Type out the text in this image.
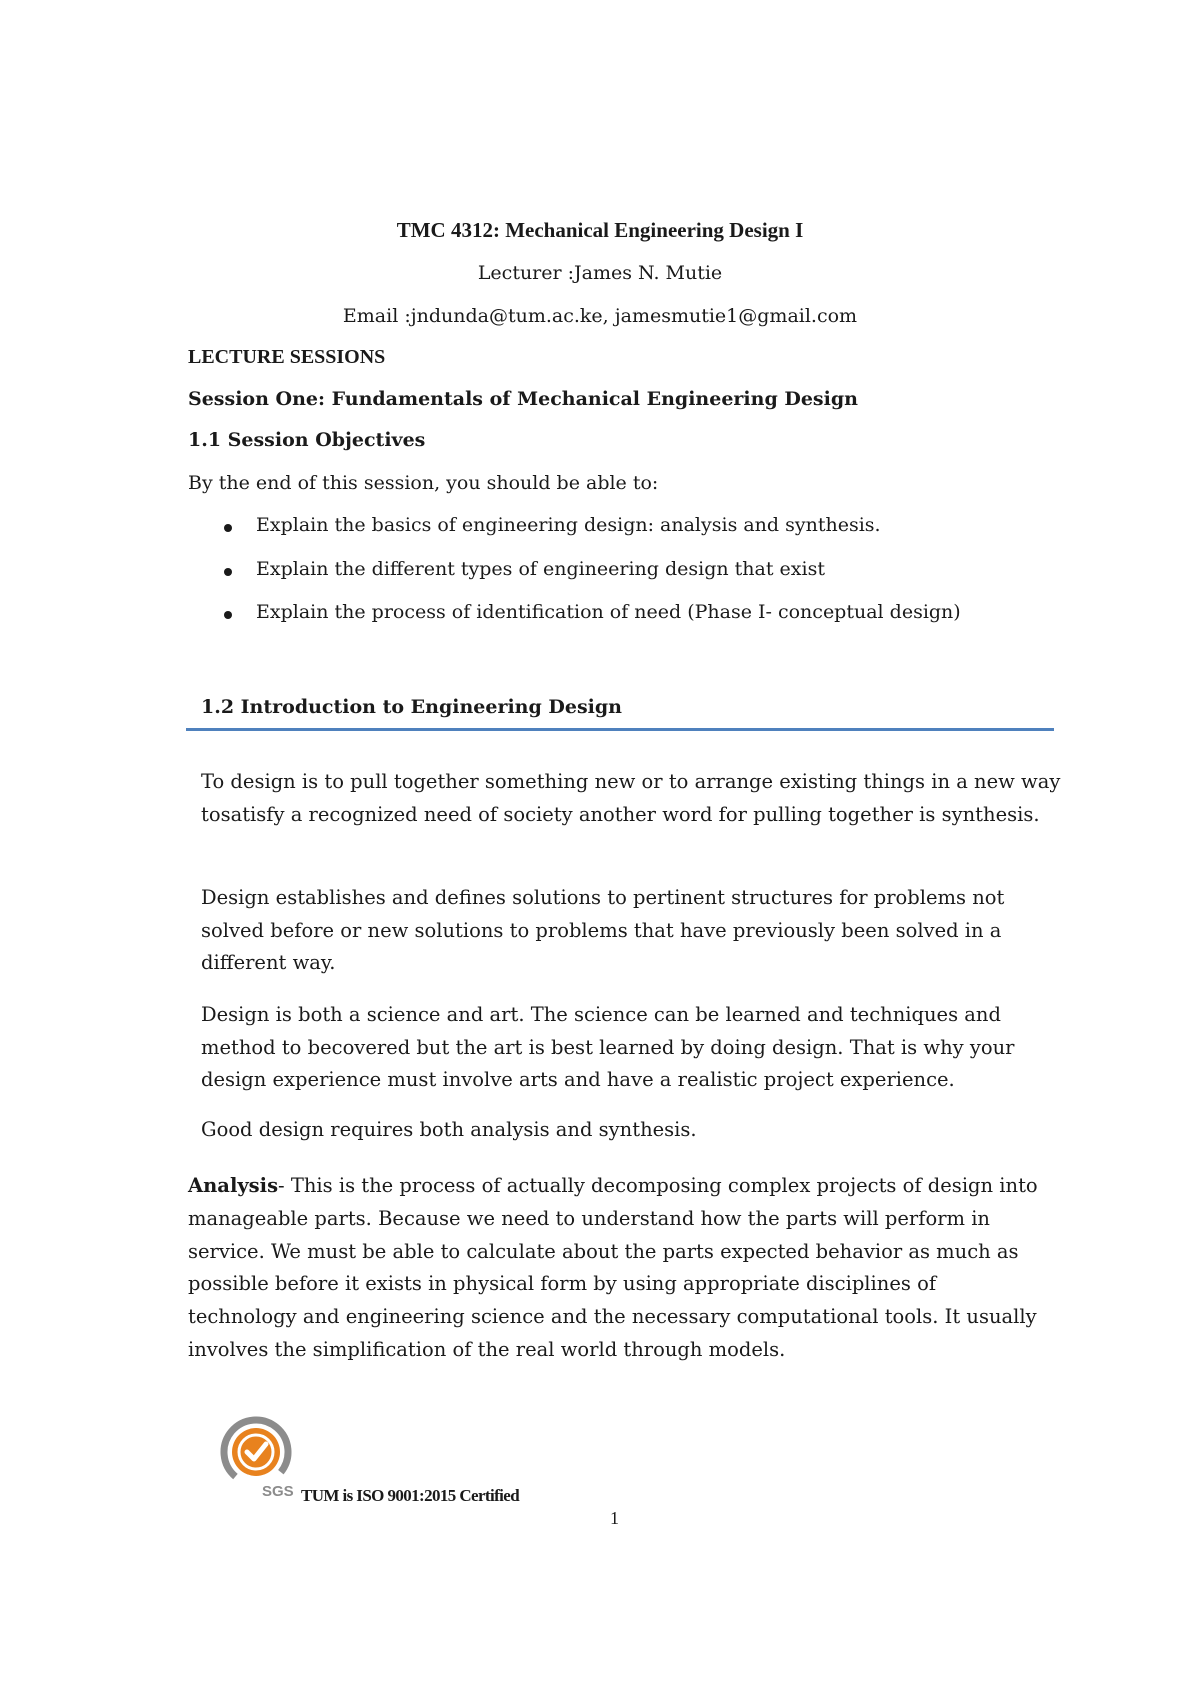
TMC 4312: Mechanical Engineering Design I
Lecturer :James N. Mutie
Email :jndunda@tum.ac.ke, jamesmutie1@gmail.com
LECTURE SESSIONS
Session One: Fundamentals of Mechanical Engineering Design
1.1 Session Objectives
By the end of this session, you should be able to:
Explain the basics of engineering design: analysis and synthesis.
Explain the different types of engineering design that exist
Explain the process of identification of need (Phase I- conceptual design)
1.2 Introduction to Engineering Design

To design is to pull together something new or to arrange existing things in a new way tosatisfy a recognized need of society another word for pulling together is synthesis.

Design establishes and defines solutions to pertinent structures for problems not solved before or new solutions to problems that have previously been solved in a different way.

Design is both a science and art. The science can be learned and techniques and method to becovered but the art is best learned by doing design. That is why your design experience must involve arts and have a realistic project experience.

Good design requires both analysis and synthesis.

Analysis- This is the process of actually decomposing complex projects of design into manageable parts. Because we need to understand how the parts will perform in service. We must be able to calculate about the parts expected behavior as much as possible before it exists in physical form by using appropriate disciplines of technology and engineering science and the necessary computational tools. It usually involves the simplification of the real world through models.

SGS TUM is ISO 9001:2015 Certified
1
